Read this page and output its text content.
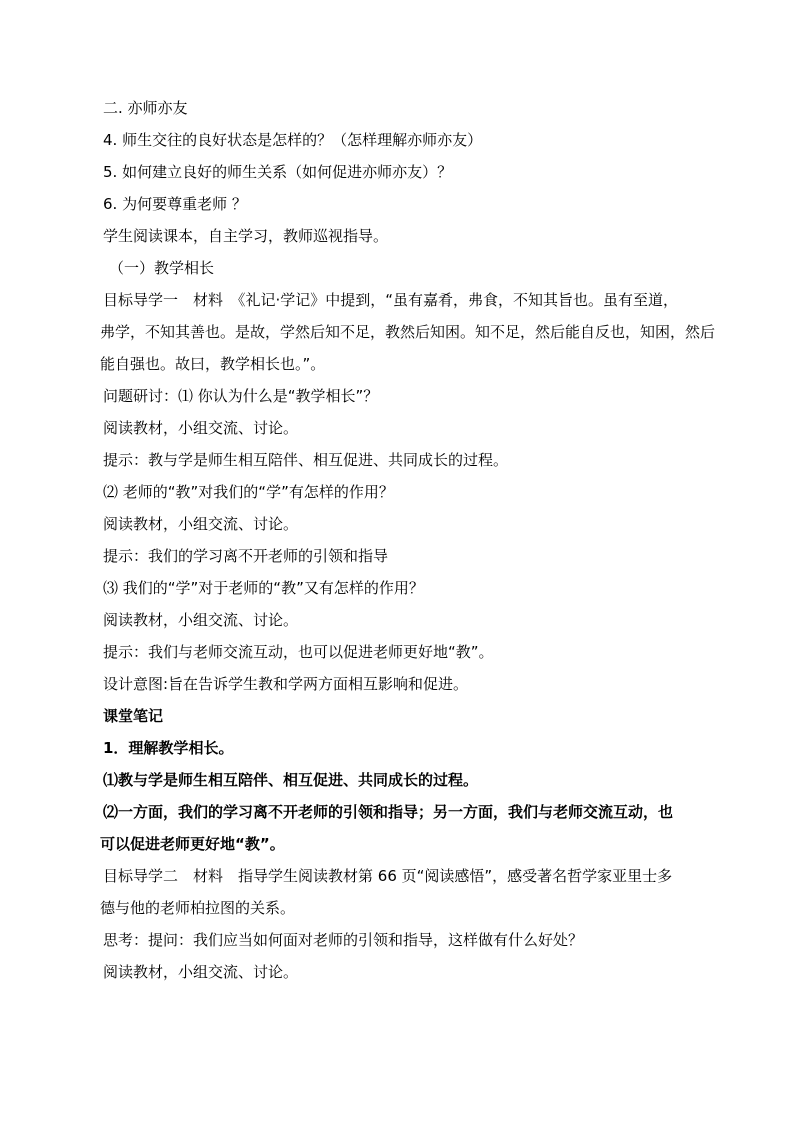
二. 亦师亦友
4. 师生交往的良好状态是怎样的？（怎样理解亦师亦友）
5. 如何建立良好的师生关系（如何促进亦师亦友）？
6. 为何要尊重老师 ？
学生阅读课本，自主学习，教师巡视指导。
（一）教学相长
目标导学一　材料　《礼记·学记》中提到，“虽有嘉肴，弗食，不知其旨也。虽有至道，
弗学，不知其善也。是故，学然后知不足，教然后知困。知不足，然后能自反也，知困，然后
能自强也。故曰，教学相长也。”。
问题研讨：⑴ 你认为什么是“教学相长”？
阅读教材，小组交流、讨论。
提示：教与学是师生相互陪伴、相互促进、共同成长的过程。
⑵ 老师的“教”对我们的“学”有怎样的作用？
阅读教材，小组交流、讨论。
提示：我们的学习离不开老师的引领和指导
⑶ 我们的“学”对于老师的“教”又有怎样的作用？
阅读教材，小组交流、讨论。
提示：我们与老师交流互动，也可以促进老师更好地“教”。
设计意图:旨在告诉学生教和学两方面相互影响和促进。
课堂笔记
1．理解教学相长。
⑴教与学是师生相互陪伴、相互促进、共同成长的过程。
⑵一方面，我们的学习离不开老师的引领和指导；另一方面，我们与老师交流互动，也
可以促进老师更好地“教”。
目标导学二　材料　指导学生阅读教材第 66 页“阅读感悟”，感受著名哲学家亚里士多
德与他的老师柏拉图的关系。
思考：提问：我们应当如何面对老师的引领和指导，这样做有什么好处？
阅读教材，小组交流、讨论。
